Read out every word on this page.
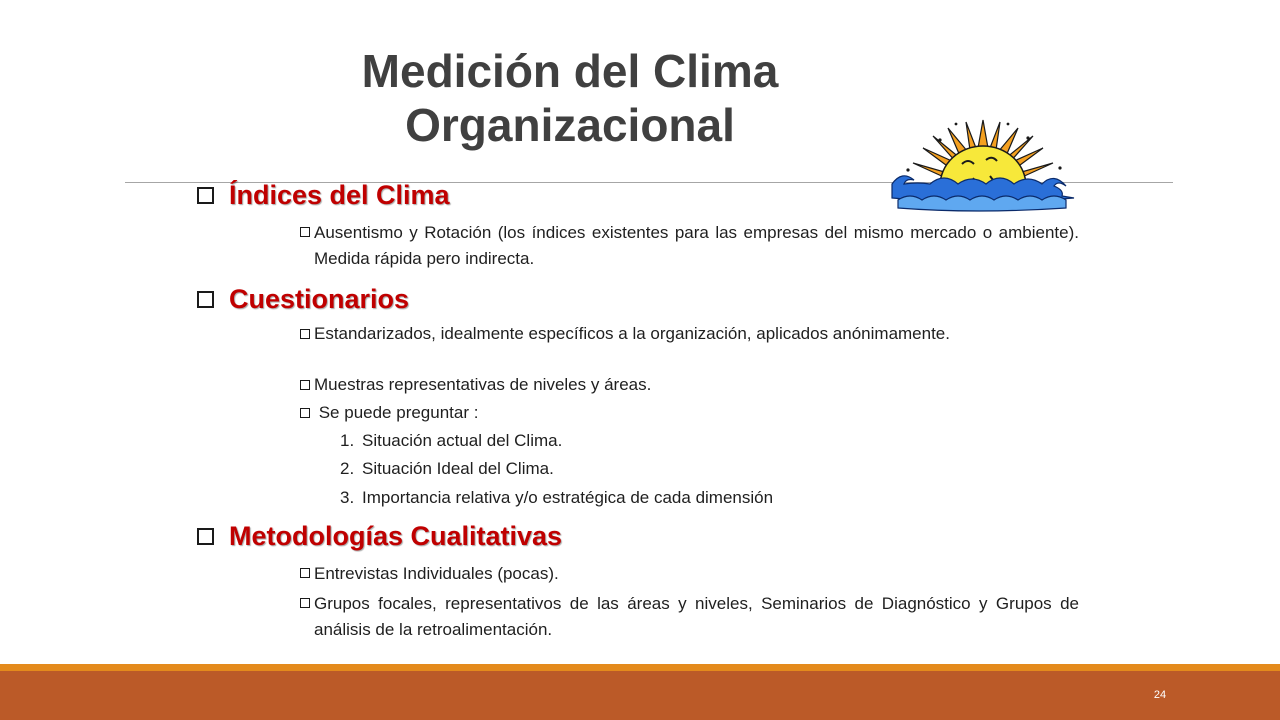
Medición del Clima
Organizacional
Índices del Clima
Ausentismo y Rotación (los índices existentes para las empresas del mismo mercado o ambiente). Medida rápida pero indirecta.
Cuestionarios
Estandarizados, idealmente específicos a la organización, aplicados anónimamente.
Muestras representativas de niveles y áreas.
Se puede preguntar :
1. Situación actual del Clima.
2. Situación Ideal del Clima.
3. Importancia relativa y/o estratégica de cada dimensión
Metodologías Cualitativas
Entrevistas Individuales (pocas).
Grupos focales, representativos de las áreas y niveles, Seminarios de Diagnóstico y Grupos de análisis de la retroalimentación.
24
